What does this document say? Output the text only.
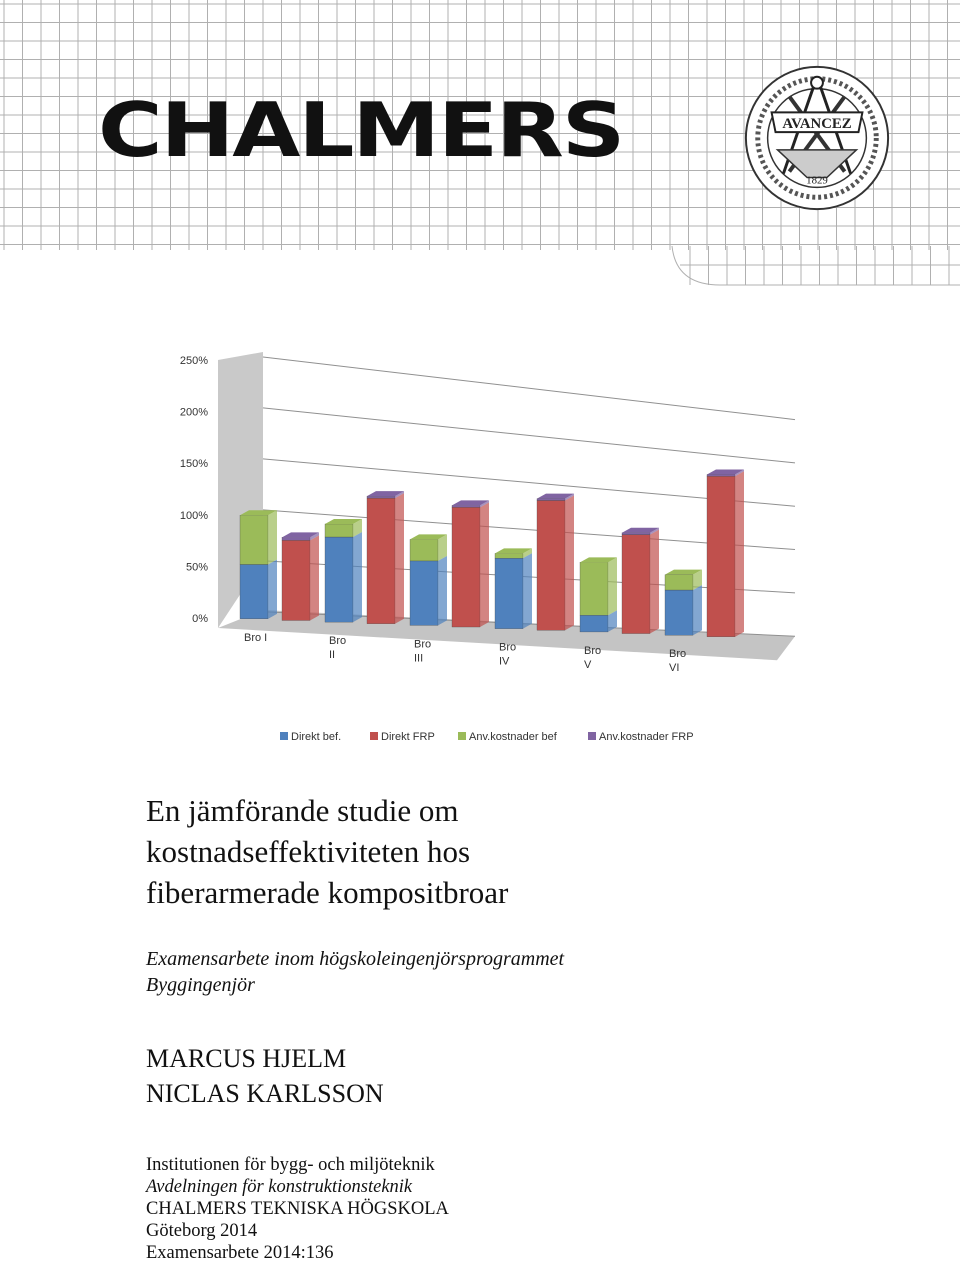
CHALMERS	AVANCEZ
1829
0%
50%
100%
150%
200%
250%
Bro I	Bro
II
Bro
III
Bro
IV
Bro
V
Bro
VI
Direkt bef.	Direkt FRP	Anv.kostnader bef	Anv.kostnader FRP
En jämförande studie om
kostnadseffektiviteten hos
fiberarmerade kompositbroar
Examensarbete inom högskoleingenjörsprogrammet
Byggingenjör
MARCUS HJELM
NICLAS KARLSSON
Institutionen för bygg- och miljöteknik
Avdelningen för konstruktionsteknik
CHALMERS TEKNISKA HÖGSKOLA
Göteborg 2014
Examensarbete 2014:136
